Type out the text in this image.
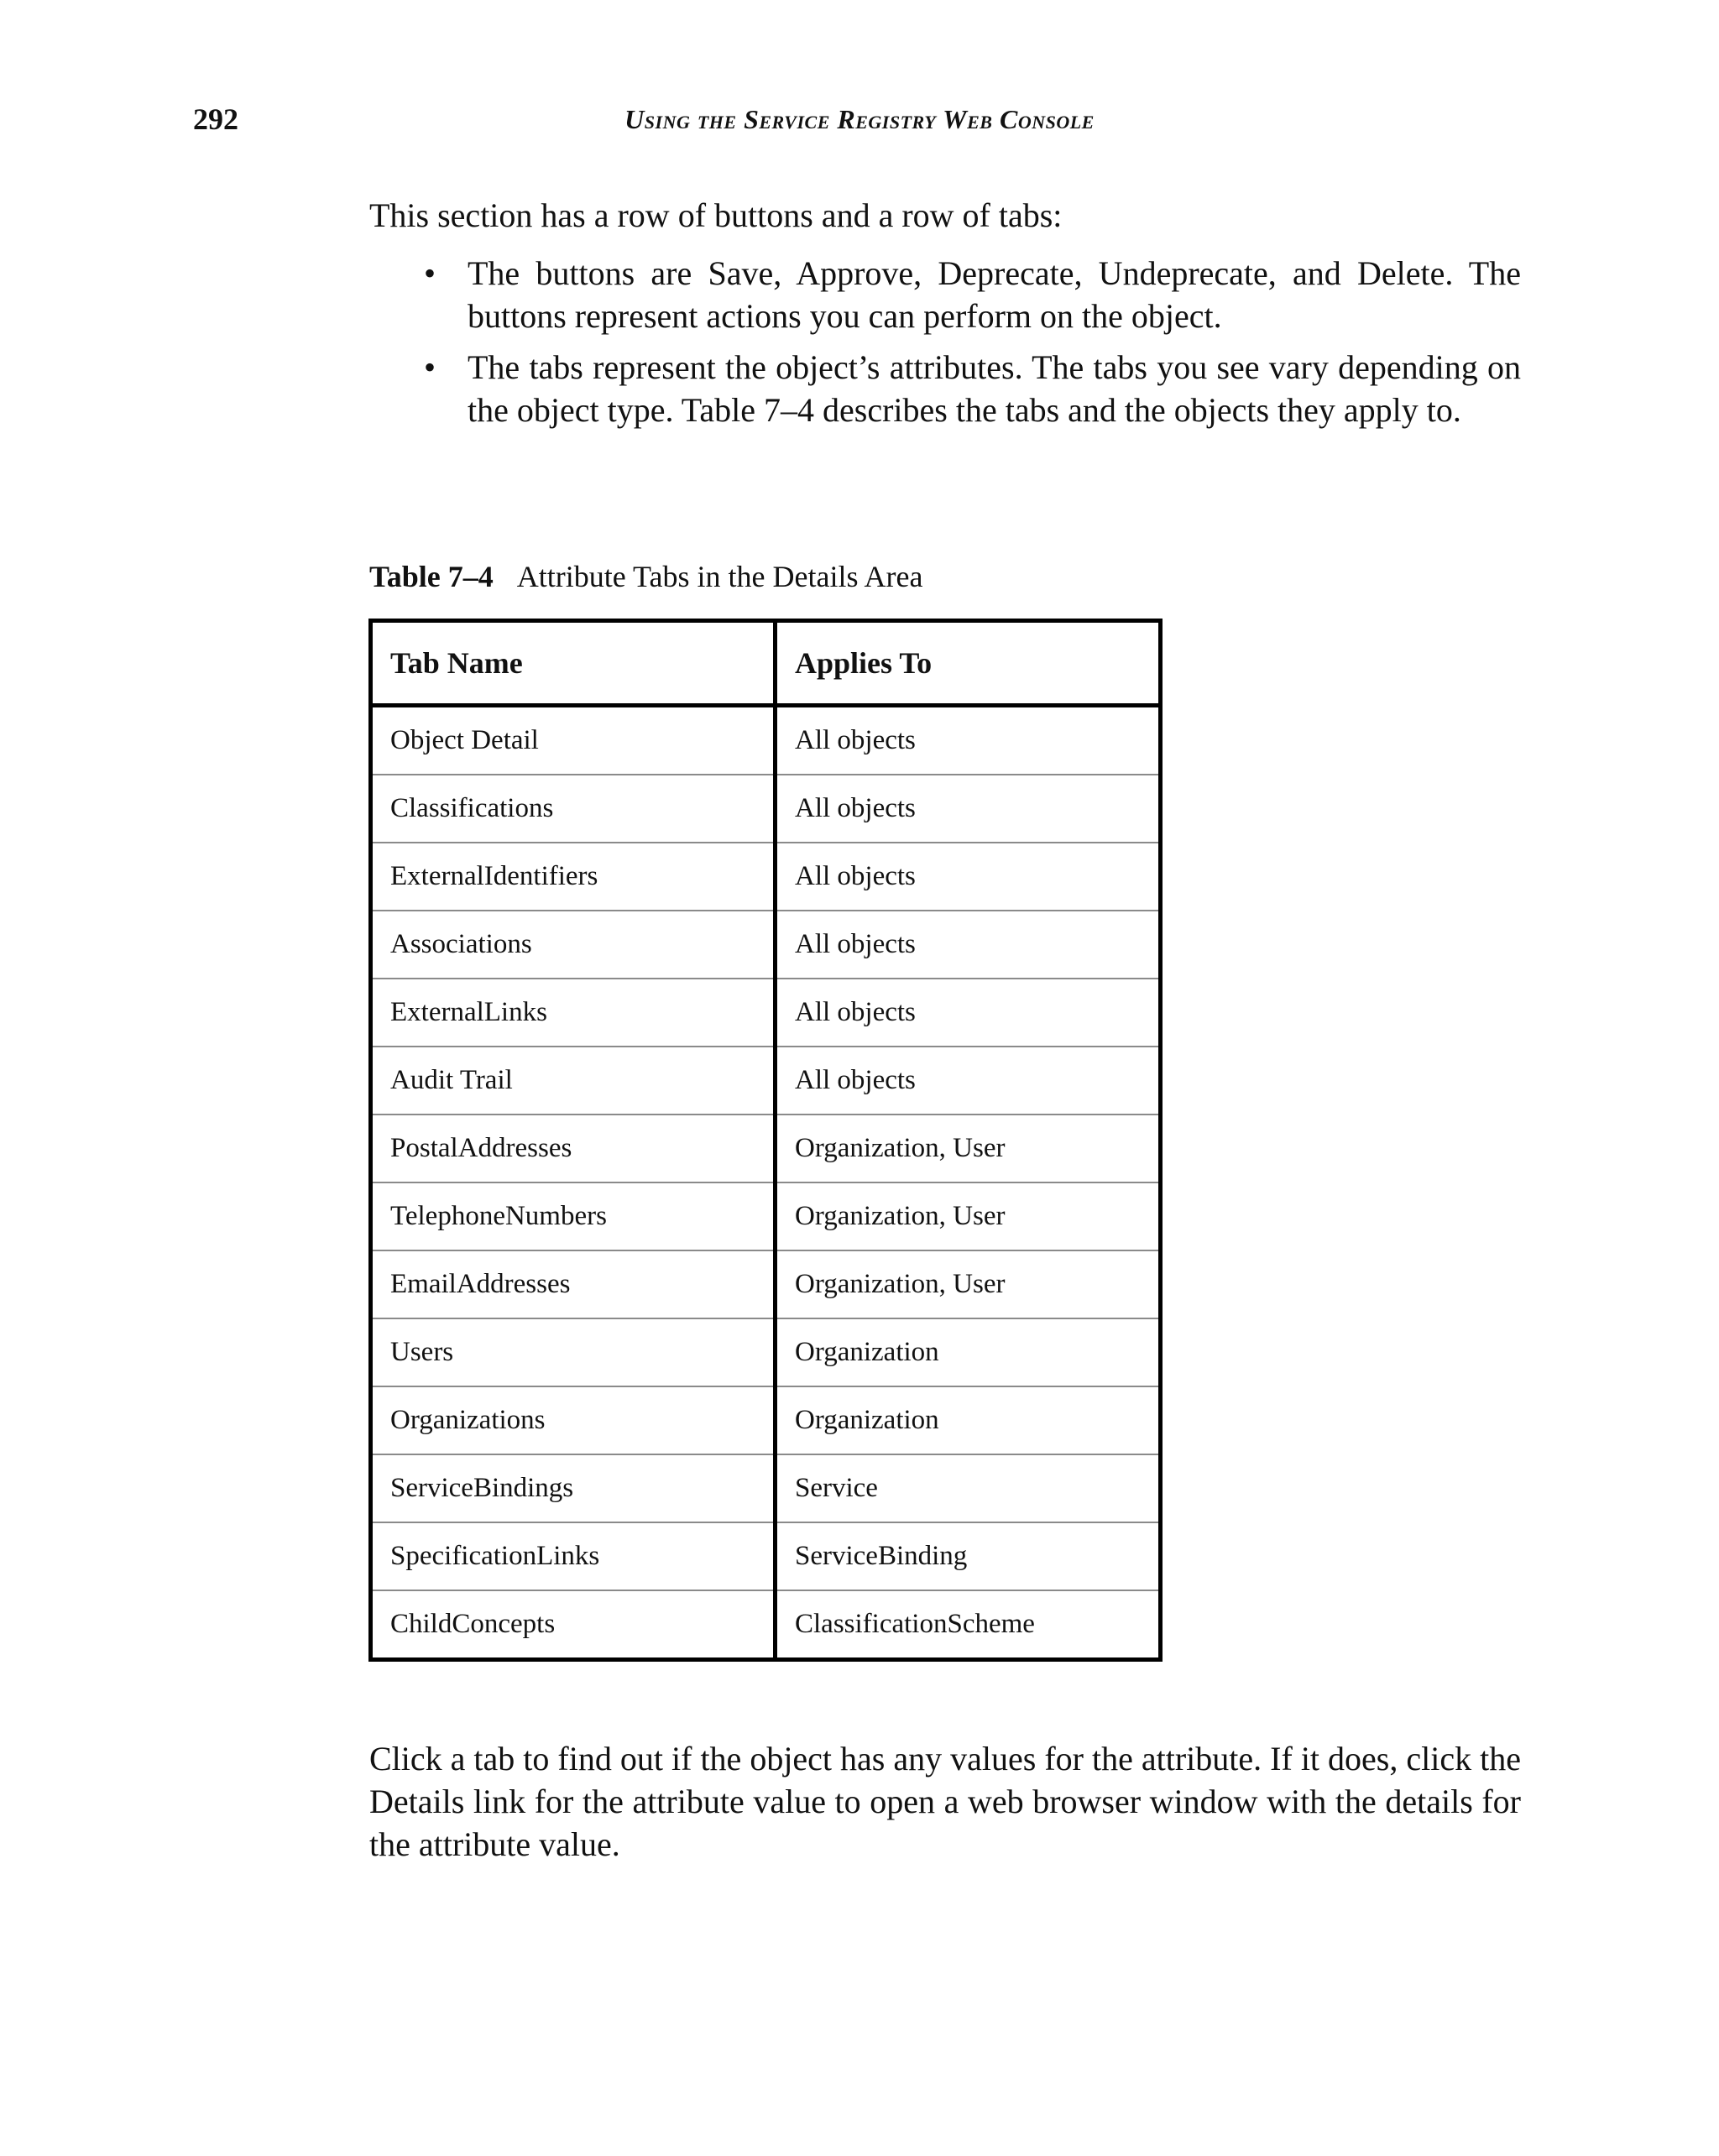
292	Using the Service Registry Web Console

This section has a row of buttons and a row of tabs:

• The buttons are Save, Approve, Deprecate, Undeprecate, and Delete. The buttons represent actions you can perform on the object.
• The tabs represent the object’s attributes. The tabs you see vary depending on the object type. Table 7–4 describes the tabs and the objects they apply to.

Table 7–4 Attribute Tabs in the Details Area

Tab Name	Applies To
Object Detail	All objects
Classifications	All objects
ExternalIdentifiers	All objects
Associations	All objects
ExternalLinks	All objects
Audit Trail	All objects
PostalAddresses	Organization, User
TelephoneNumbers	Organization, User
EmailAddresses	Organization, User
Users	Organization
Organizations	Organization
ServiceBindings	Service
SpecificationLinks	ServiceBinding
ChildConcepts	ClassificationScheme

Click a tab to find out if the object has any values for the attribute. If it does, click the Details link for the attribute value to open a web browser window with the details for the attribute value.
